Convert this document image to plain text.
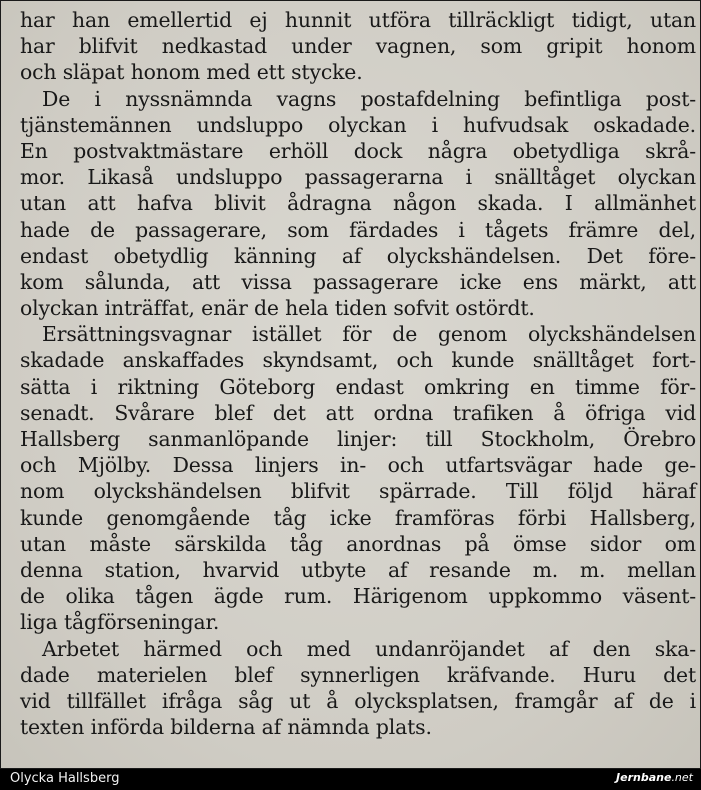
har han emellertid ej hunnit utföra tillräckligt tidigt, utan
har blifvit nedkastad under vagnen, som gripit honom
och släpat honom med ett stycke.
De i nyssnämnda vagns postafdelning befintliga post-
tjänstemännen undsluppo olyckan i hufvudsak oskadade.
En postvaktmästare erhöll dock några obetydliga skrå-
mor. Likaså undsluppo passagerarna i snälltåget olyckan
utan att hafva blivit ådragna någon skada. I allmänhet
hade de passagerare, som färdades i tågets främre del,
endast obetydlig känning af olyckshändelsen. Det före-
kom sålunda, att vissa passagerare icke ens märkt, att
olyckan inträffat, enär de hela tiden sofvit ostördt.
Ersättningsvagnar istället för de genom olyckshändelsen
skadade anskaffades skyndsamt, och kunde snälltåget fort-
sätta i riktning Göteborg endast omkring en timme för-
senadt. Svårare blef det att ordna trafiken å öfriga vid
Hallsberg sanmanlöpande linjer: till Stockholm, Örebro
och Mjölby. Dessa linjers in- och utfartsvägar hade ge-
nom olyckshändelsen blifvit spärrade. Till följd häraf
kunde genomgående tåg icke framföras förbi Hallsberg,
utan måste särskilda tåg anordnas på ömse sidor om
denna station, hvarvid utbyte af resande m. m. mellan
de olika tågen ägde rum. Härigenom uppkommo väsent-
liga tågförseningar.
Arbetet härmed och med undanröjandet af den ska-
dade materielen blef synnerligen kräfvande. Huru det
vid tillfället ifråga såg ut å olycksplatsen, framgår af de i
texten införda bilderna af nämnda plats.
Olycka Hallsberg	Jernbane.net
